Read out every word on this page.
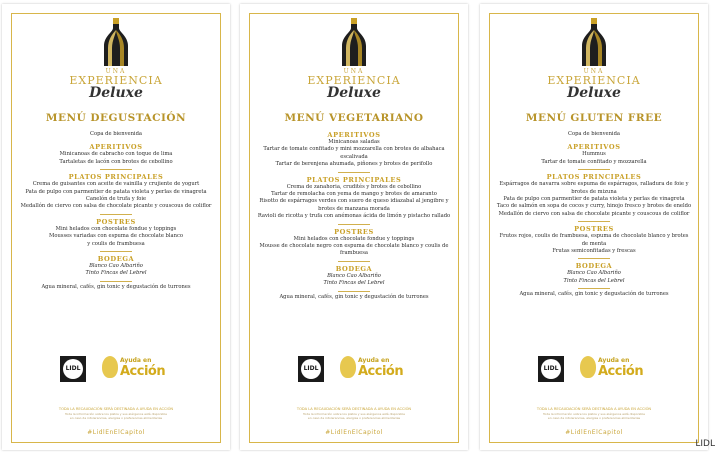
UNA
EXPERIENCIA
Deluxe
MENÚ DEGUSTACIÓN
Copa de bienvenida
APERITIVOS
Minicanoas de cabracho con toque de lima
Tartaletas de lacón con brotes de cebollino
PLATOS PRINCIPALES
Crema de guisantes con aceite de vainilla y crujiente de yogurt
Pata de pulpo con parmentier de patata violeta y perlas de vinagreta
Canelón de trufa y foie
Medallón de ciervo con salsa de chocolate picante y couscous de coliflor
POSTRES
Mini helados con chocolate fondue y toppings
Mousses variadas con espuma de chocolate blanco
y coulis de frambuesa
BODEGA
Blanco Cao Albariño
Tinto Fincas del Lebrel
Agua mineral, cafés, gin tonic y degustación de turrones
LIDL
Ayuda en
Acción
TODA LA RECAUDACIÓN SERÁ DESTINADA A AYUDA EN ACCIÓN
Toda la información sobre los platos y sus alérgenos está disponible
en caso de intolerancias, alergias o preferencias alimentarias
#LidlEnElCapitol
UNA
EXPERIENCIA
Deluxe
MENÚ VEGETARIANO
APERITIVOS
Minicanoas saladas
Tartar de tomate confitado y mini mozzarella con brotes de albahaca escalivada
Tartar de berenjena ahumada, piñones y brotes de perifollo
PLATOS PRINCIPALES
Crema de zanahoria, crudités y brotes de cebollino
Tartar de remolacha con yema de mango y brotes de amaranto
Risotto de espárragos verdes con suero de queso idiazabal al jengibre y brotes de manzana morada
Ravioli de ricotta y trufa con anémonas ácida de limón y pistacho rallado
POSTRES
Mini helados con chocolate fondue y toppings
Mousse de chocolate negro con espuma de chocolate blanco y coulis de frambuesa
BODEGA
Blanco Cao Albariño
Tinto Fincas del Lebrel
Agua mineral, cafés, gin tonic y degustación de turrones
LIDL
Ayuda en
Acción
TODA LA RECAUDACIÓN SERÁ DESTINADA A AYUDA EN ACCIÓN
Toda la información sobre los platos y sus alérgenos está disponible
en caso de intolerancias, alergias o preferencias alimentarias
#LidlEnElCapitol
UNA
EXPERIENCIA
Deluxe
MENÚ GLUTEN FREE
Copa de bienvenida
APERITIVOS
Hummus
Tartar de tomate confitado y mozzarella
PLATOS PRINCIPALES
Espárragos de navarra sobre espuma de espárragos, ralladura de foie y brotes de mizuna
Pata de pulpo con parmentier de patata violeta y perlas de vinagreta
Taco de salmón en sopa de cocos y curry, hinojo fresco y brotes de eneldo
Medallón de ciervo con salsa de chocolate picante y couscous de coliflor
POSTRES
Frutos rojos, coulis de frambuesa, espuma de chocolate blanco y brotes de menta
Frutas semiconfitadas y frescas
BODEGA
Blanco Cao Albariño
Tinto Fincas del Lebrel
Agua mineral, cafés, gin tonic y degustación de turrones
LIDL
Ayuda en
Acción
TODA LA RECAUDACIÓN SERÁ DESTINADA A AYUDA EN ACCIÓN
Toda la información sobre los platos y sus alérgenos está disponible
en caso de intolerancias, alergias o preferencias alimentarias
#LidlEnElCapitol
LIDL
